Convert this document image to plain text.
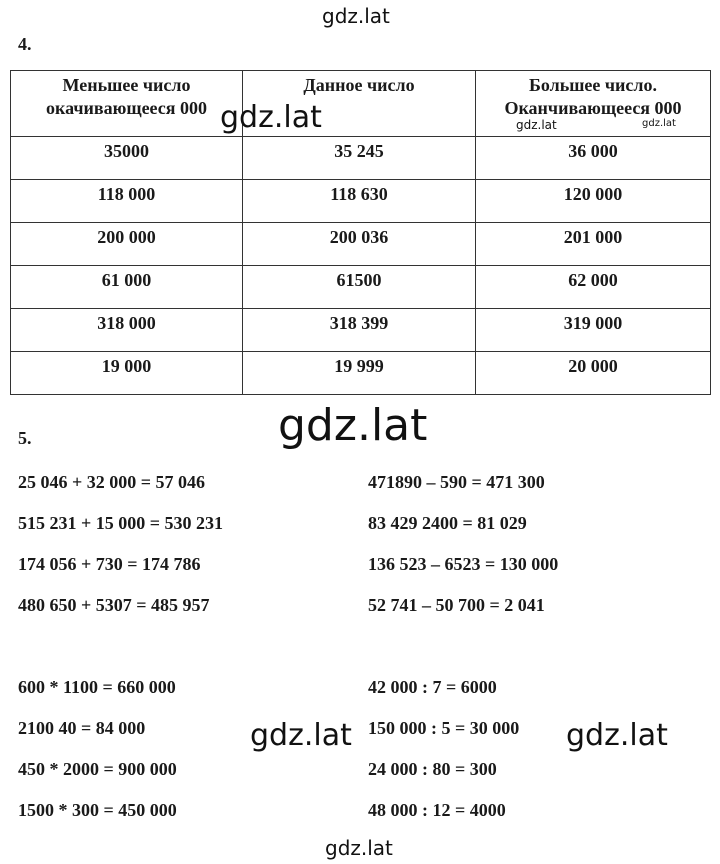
gdz.lat
4.
Меньшее число окачивающееся 000	Данное число	Большее число. Оканчивающееся 000
35000	35 245	36 000
118 000	118 630	120 000
200 000	200 036	201 000
61 000	61500	62 000
318 000	318 399	319 000
19 000	19 999	20 000
gdz.lat	gdz.lat	gdz.lat
gdz.lat
5.
25 046 + 32 000 = 57 046
515 231 + 15 000 = 530 231
174 056 + 730 = 174 786
480 650 + 5307 = 485 957
600 * 1100 = 660 000
2100 40 = 84 000
450 * 2000 = 900 000
1500 * 300 = 450 000
471890 – 590 = 471 300
83 429 2400 = 81 029
136 523 – 6523 = 130 000
52 741 – 50 700 = 2 041
42 000 : 7 = 6000
150 000 : 5 = 30 000
24 000 : 80 = 300
48 000 : 12 = 4000
gdz.lat	gdz.lat
gdz.lat
